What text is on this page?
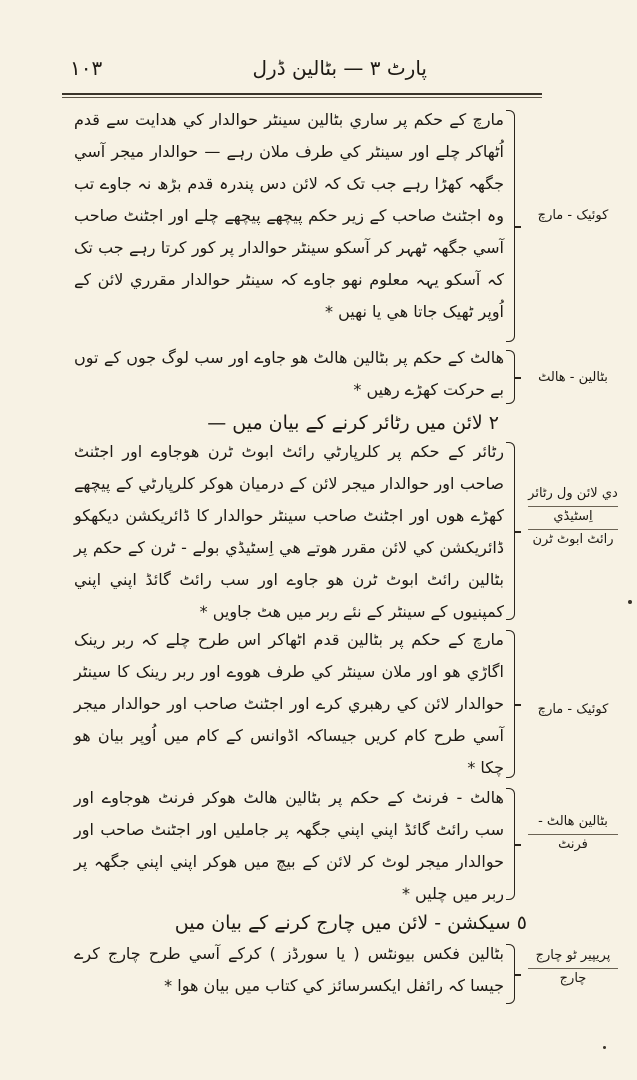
١٠٣	پارٹ ٣ — بٹالین ڈرل

مارچ کے حکم پر ساري بٹالین سینٹر حوالدار کي هدایت سے قدم اُٹھاکر چلے اور سینٹر کي طرف ملان رہے — حوالدار میجر آسي جگهہ کهڑا رہے جب تک کہ لائن دس پندرہ قدم بڑھ نہ جاوے تب وہ اجٹنٹ صاحب کے زیر حکم پیچهے پیچهے چلے اور اجٹنٹ صاحب آسي جگهہ ٹهہر کر آسکو سینٹر حوالدار پر کور کرتا رہے جب تک کہ آسکو یہہ معلوم نهو جاوے کہ سینٹر حوالدار مقرري لائن کے اُوپر ٹهیک جاتا هي یا نهیں *

کوئیک - مارچ

هالٹ کے حکم پر بٹالین هالٹ هو جاوے اور سب لوگ جوں کے توں بے حرکت کهڑے رهیں *

بٹالین - هالٹ
٢ لائن میں رٹائر کرنے کے بیان میں —

رٹائر کے حکم پر کلرپارٹي رائٹ ابوٹ ٹرن هوجاوے اور اجٹنٹ صاحب اور حوالدار میجر لائن کے درمیان هوکر کلرپارٹي کے پیچهے کهڑے هوں اور اجٹنٹ صاحب سینٹر حوالدار کا ڈائریکشن دیکهکو ڈائریکشن کي لائن مقرر هوتے هي اِسٹیڈي بولے - ٹرن کے حکم پر بٹالین رائٹ ابوٹ ٹرن هو جاوے اور سب رائٹ گائڈ اپني اپني کمپنیوں کے سینٹر کے نئے ربر میں هٹ جاویں *

دي لائن ول رٹائر
اِسٹیڈي
رائٹ ابوٹ ٹرن

مارچ کے حکم پر بٹالین قدم اٹهاکر اس طرح چلے کہ ربر رینک اگاڑي هو اور ملان سینٹر کي طرف هووے اور ربر رینک کا سینٹر حوالدار لائن کي رهبري کرے اور اجٹنٹ صاحب اور حوالدار میجر آسي طرح کام کریں جیساکہ اڈوانس کے کام میں اُوپر بیان هو چکا *

کوئیک - مارچ

هالٹ - فرنٹ کے حکم پر بٹالین هالٹ هوکر فرنٹ هوجاوے اور سب رائٹ گائڈ اپني اپني جگهہ پر جاملیں اور اجٹنٹ صاحب اور حوالدار میجر لوٹ کر لائن کے بیچ میں هوکر اپني اپني جگهہ پر ربر میں چلیں *

بٹالین هالٹ -
فرنٹ
٥ سیکشن - لائن میں چارج کرنے کے بیان میں

بٹالین فکس بیونٹس ( یا سورڈز ) کرکے آسي طرح چارج کرے جیسا کہ رائفل ایکسرسائز کي کتاب میں بیان هوا *

پریپیر ٹو چارج
چارج
